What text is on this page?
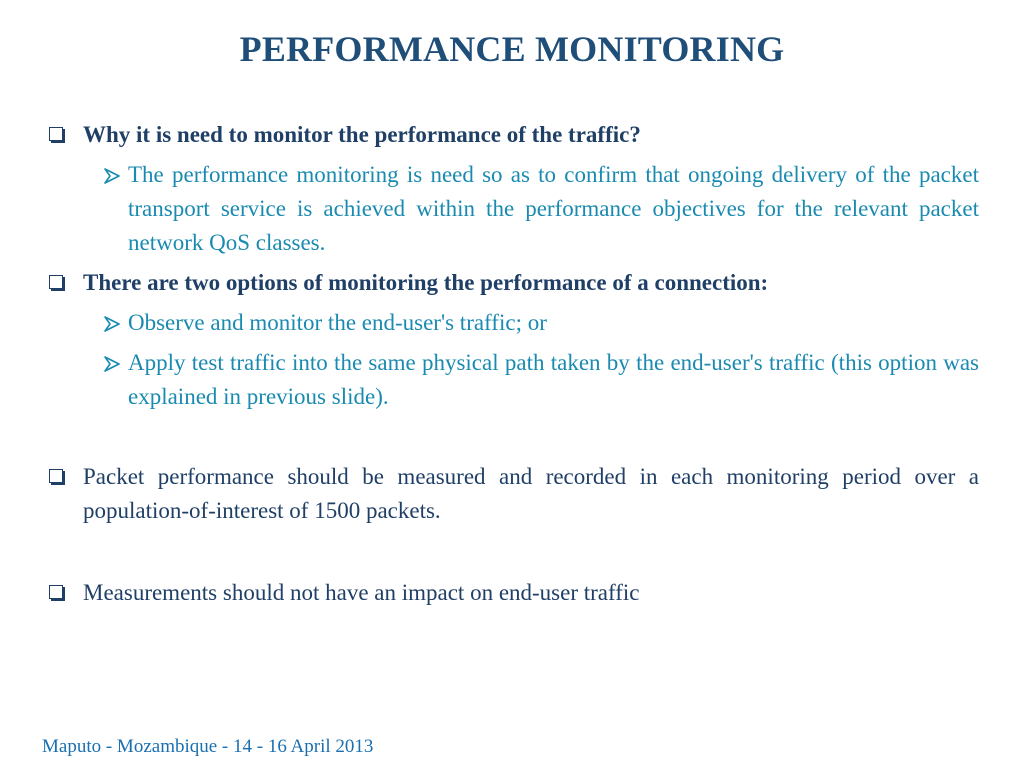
PERFORMANCE MONITORING
Why it is need to monitor the performance of the traffic?
The performance monitoring is need so as to confirm that ongoing delivery of the packet transport service is achieved within the performance objectives for the relevant packet network QoS classes.
There are two options of monitoring the performance of a connection:
Observe and monitor the end-user's traffic; or
Apply test traffic into the same physical path taken by the end-user's traffic (this option was explained in previous slide).
Packet performance should be measured and recorded in each monitoring period over a population-of-interest of 1500 packets.
Measurements should not have an impact on end-user traffic
Maputo - Mozambique - 14 - 16 April 2013
